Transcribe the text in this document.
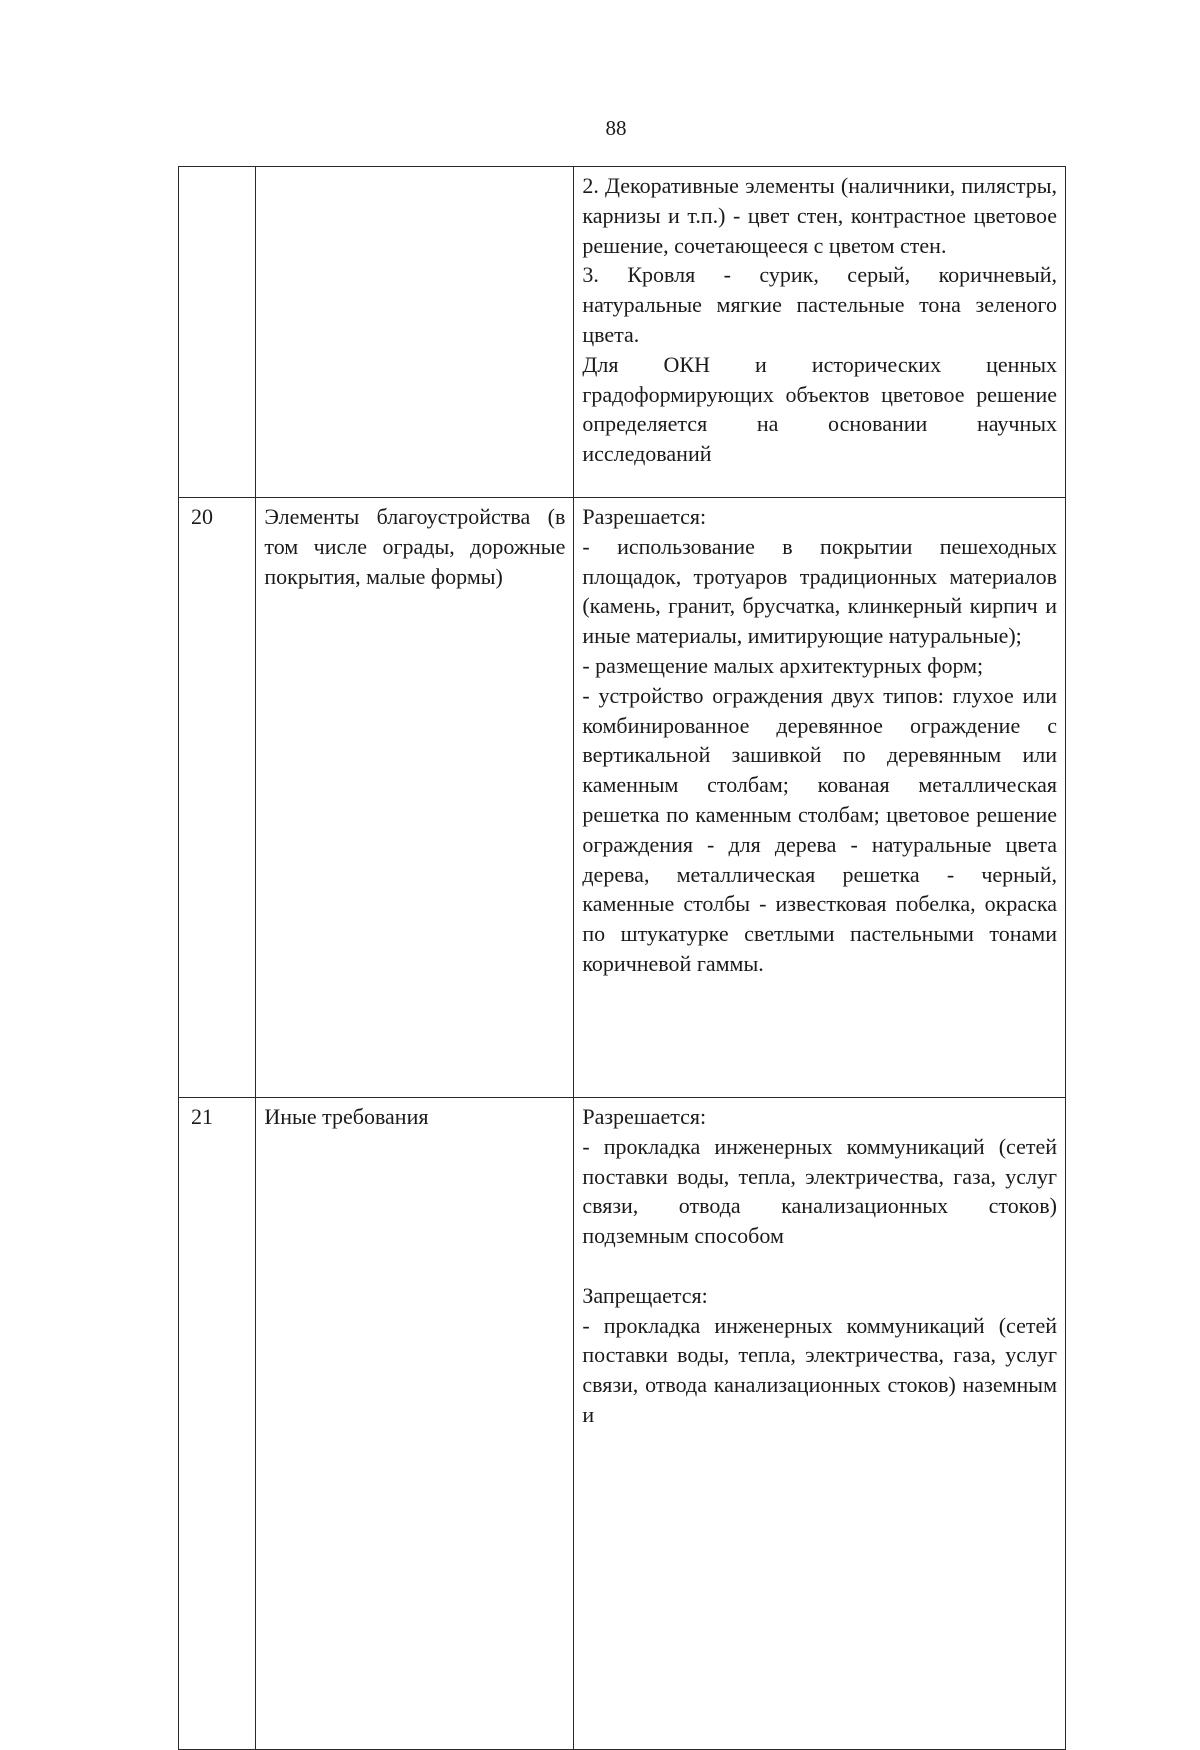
88

		2. Декоративные элементы (наличники, пилястры, карнизы и т.п.) - цвет стен, контрастное цветовое решение, сочетающееся с цветом стен.

3. Кровля - сурик, серый, коричневый, натуральные мягкие пастельные тона зеленого цвета.

Для ОКН и исторических ценных градоформирующих объектов цветовое решение определяется на основании научных исследований

20	Элементы благоустройства (в том числе ограды, дорожные покрытия, малые формы)	Разрешается:

- использование в покрытии пешеходных площадок, тротуаров традиционных материалов (камень, гранит, брусчатка, клинкерный кирпич и иные материалы, имитирующие натуральные);

- размещение малых архитектурных форм;

- устройство ограждения двух типов: глухое или комбинированное деревянное ограждение с вертикальной зашивкой по деревянным или каменным столбам; кованая металлическая решетка по каменным столбам; цветовое решение ограждения - для дерева - натуральные цвета дерева, металлическая решетка - черный, каменные столбы - известковая побелка, окраска по штукатурке светлыми пастельными тонами коричневой гаммы.

21	Иные требования	Разрешается:

- прокладка инженерных коммуникаций (сетей поставки воды, тепла, электричества, газа, услуг связи, отвода канализационных стоков) подземным способом

Запрещается:

- прокладка инженерных коммуникаций (сетей поставки воды, тепла, электричества, газа, услуг связи, отвода канализационных стоков) наземным и
